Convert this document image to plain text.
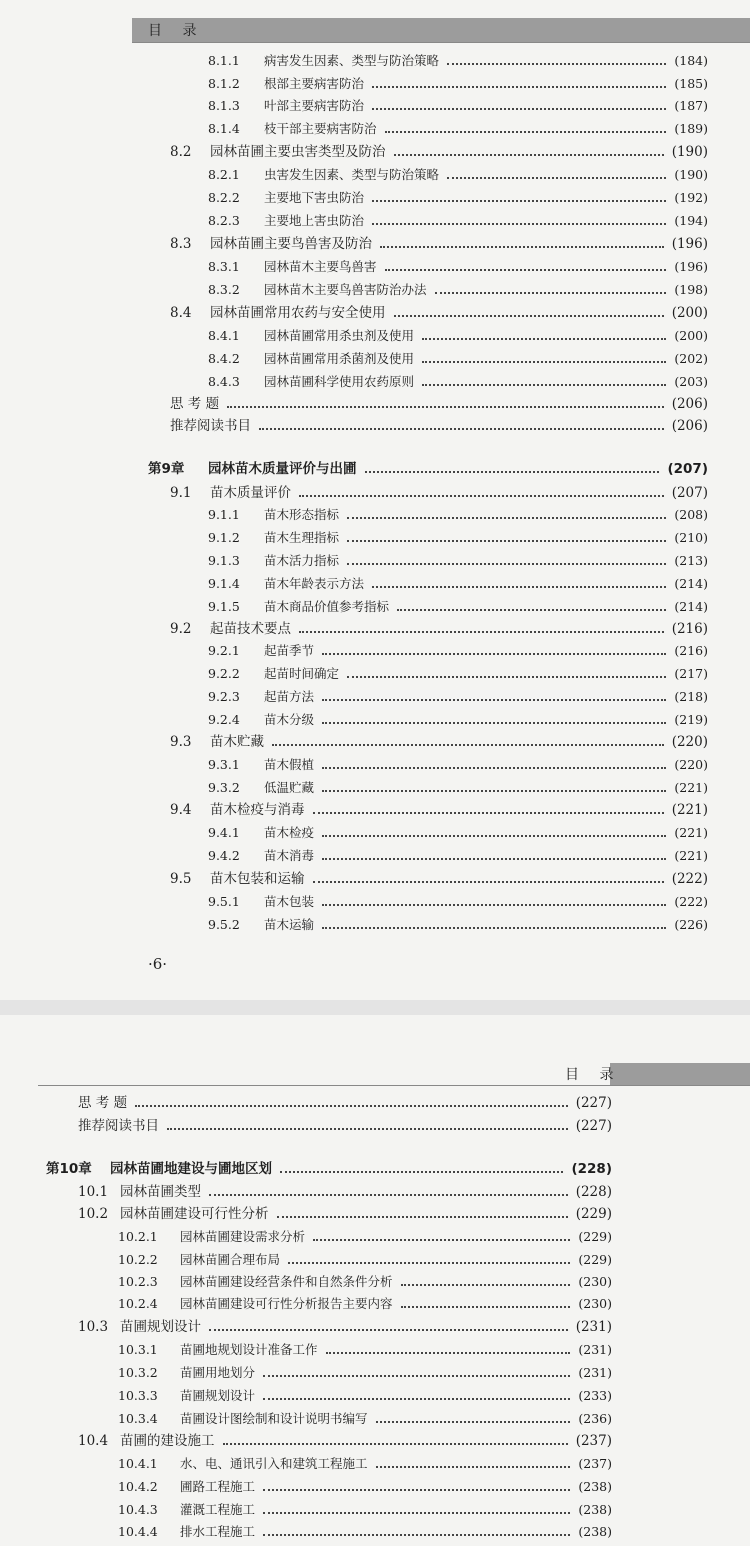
目 录
8.1.1	病害发生因素、类型与防治策略	(184)
8.1.2	根部主要病害防治	(185)
8.1.3	叶部主要病害防治	(187)
8.1.4	枝干部主要病害防治	(189)
8.2	园林苗圃主要虫害类型及防治	(190)
8.2.1	虫害发生因素、类型与防治策略	(190)
8.2.2	主要地下害虫防治	(192)
8.2.3	主要地上害虫防治	(194)
8.3	园林苗圃主要鸟兽害及防治	(196)
8.3.1	园林苗木主要鸟兽害	(196)
8.3.2	园林苗木主要鸟兽害防治办法	(198)
8.4	园林苗圃常用农药与安全使用	(200)
8.4.1	园林苗圃常用杀虫剂及使用	(200)
8.4.2	园林苗圃常用杀菌剂及使用	(202)
8.4.3	园林苗圃科学使用农药原则	(203)
思 考 题	(206)
推荐阅读书目	(206)
第9章	园林苗木质量评价与出圃	(207)
9.1	苗木质量评价	(207)
9.1.1	苗木形态指标	(208)
9.1.2	苗木生理指标	(210)
9.1.3	苗木活力指标	(213)
9.1.4	苗木年龄表示方法	(214)
9.1.5	苗木商品价值参考指标	(214)
9.2	起苗技术要点	(216)
9.2.1	起苗季节	(216)
9.2.2	起苗时间确定	(217)
9.2.3	起苗方法	(218)
9.2.4	苗木分级	(219)
9.3	苗木贮藏	(220)
9.3.1	苗木假植	(220)
9.3.2	低温贮藏	(221)
9.4	苗木检疫与消毒	(221)
9.4.1	苗木检疫	(221)
9.4.2	苗木消毒	(221)
9.5	苗木包装和运输	(222)
9.5.1	苗木包装	(222)
9.5.2	苗木运输	(226)
·6·
目 录
思 考 题	(227)
推荐阅读书目	(227)
第10章	园林苗圃地建设与圃地区划	(228)
10.1 园林苗圃类型	(228)
10.2 园林苗圃建设可行性分析	(229)
10.2.1	园林苗圃建设需求分析	(229)
10.2.2	园林苗圃合理布局	(229)
10.2.3	园林苗圃建设经营条件和自然条件分析	(230)
10.2.4	园林苗圃建设可行性分析报告主要内容	(230)
10.3 苗圃规划设计	(231)
10.3.1	苗圃地规划设计准备工作	(231)
10.3.2	苗圃用地划分	(231)
10.3.3	苗圃规划设计	(233)
10.3.4	苗圃设计图绘制和设计说明书编写	(236)
10.4 苗圃的建设施工	(237)
10.4.1	水、电、通讯引入和建筑工程施工	(237)
10.4.2	圃路工程施工	(238)
10.4.3	灌溉工程施工	(238)
10.4.4	排水工程施工	(238)
